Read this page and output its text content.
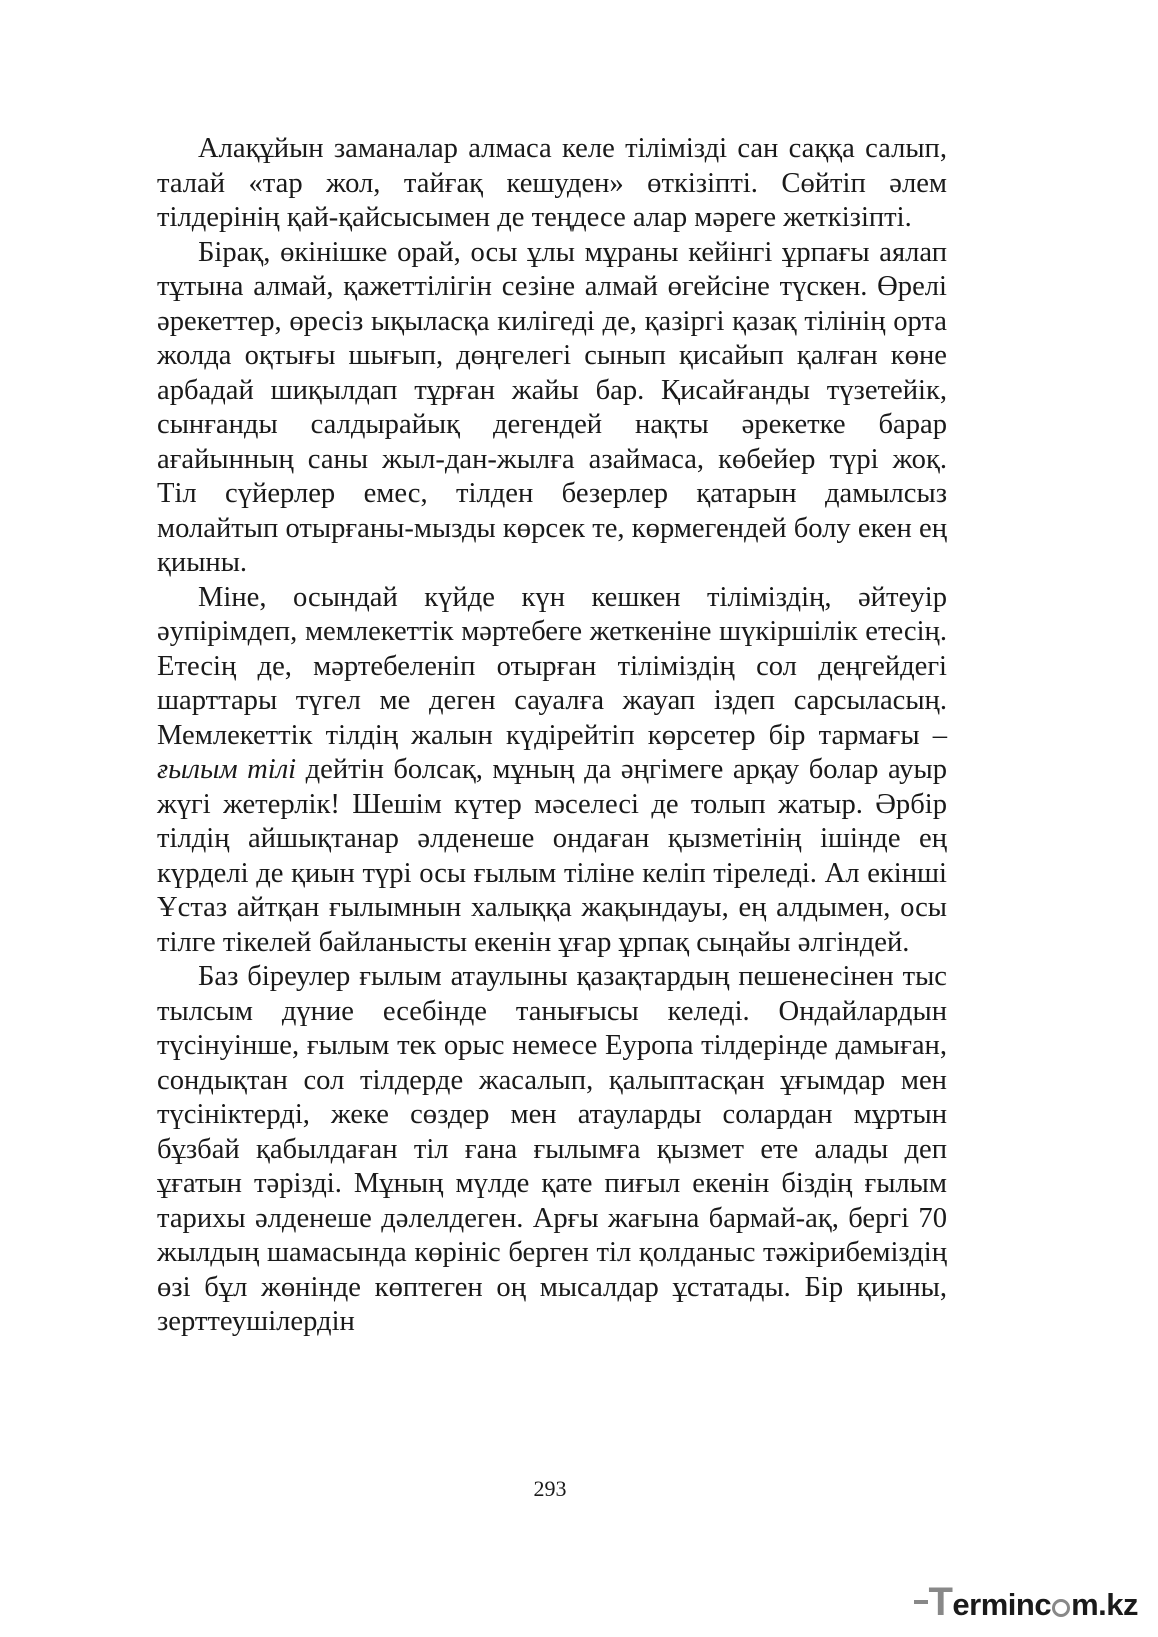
Алақұйын заманалар алмаса келе тілімізді сан саққа салып, талай «тар жол, тайғақ кешуден» өткізіпті. Сөйтіп әлем тілдерінің қай-қайсысымен де теңдесе алар мәреге жеткізіпті.

Бірақ, өкінішке орай, осы ұлы мұраны кейінгі ұрпағы аялап тұтына алмай, қажеттілігін сезіне алмай өгейсіне түскен. Өрелі әрекеттер, өресіз ықыласқа килігеді де, қазіргі қазақ тілінің орта жолда оқтығы шығып, дөңгелегі сынып қисайып қалған көне арбадай шиқылдап тұрған жайы бар. Қисайғанды түзетейік, сынғанды салдырайық дегендей нақты әрекетке барар ағайынның саны жыл-дан-жылға азаймаса, көбейер түрі жоқ. Тіл сүйерлер емес, тілден безерлер қатарын дамылсыз молайтып отырғаны-мызды көрсек те, көрмегендей болу екен ең қиыны.

Міне, осындай күйде күн кешкен тіліміздің, әйтеуір әупірімдеп, мемлекеттік мәртебеге жеткеніне шүкіршілік етесің. Етесің де, мәртебеленіп отырған тіліміздің сол деңгейдегі шарттары түгел ме деген сауалға жауап іздеп сарсыласың. Мемлекеттік тілдің жалын күдірейтіп көрсетер бір тармағы – ғылым тілі дейтін болсақ, мұның да әңгімеге арқау болар ауыр жүгі жетерлік! Шешім күтер мәселесі де толып жатыр. Әрбір тілдің айшықтанар әлденеше ондаған қызметінің ішінде ең күрделі де қиын түрі осы ғылым тіліне келіп тіреледі. Ал екінші Ұстаз айтқан ғылымнын халыққа жақындауы, ең алдымен, осы тілге тікелей байланысты екенін ұғар ұрпақ сыңайы әлгіндей.

Баз біреулер ғылым атаулыны қазақтардың пешенесінен тыс тылсым дүние есебінде танығысы келеді. Ондайлардын түсінуінше, ғылым тек орыс немесе Еуропа тілдерінде дамыған, сондықтан сол тілдерде жасалып, қалыптасқан ұғымдар мен түсініктерді, жеке сөздер мен атауларды солардан мұртын бұзбай қабылдаған тіл ғана ғылымға қызмет ете алады деп ұғатын тәрізді. Мұның мүлде қате пиғыл екенін біздің ғылым тарихы әлденеше дәлелдеген. Арғы жағына бармай-ақ, бергі 70 жылдың шамасында көрініс берген тіл қолданыс тәжірибеміздің өзі бұл жөнінде көптеген оң мысалдар ұстатады. Бір қиыны, зерттеушілердін

293
T erminc m.kz
